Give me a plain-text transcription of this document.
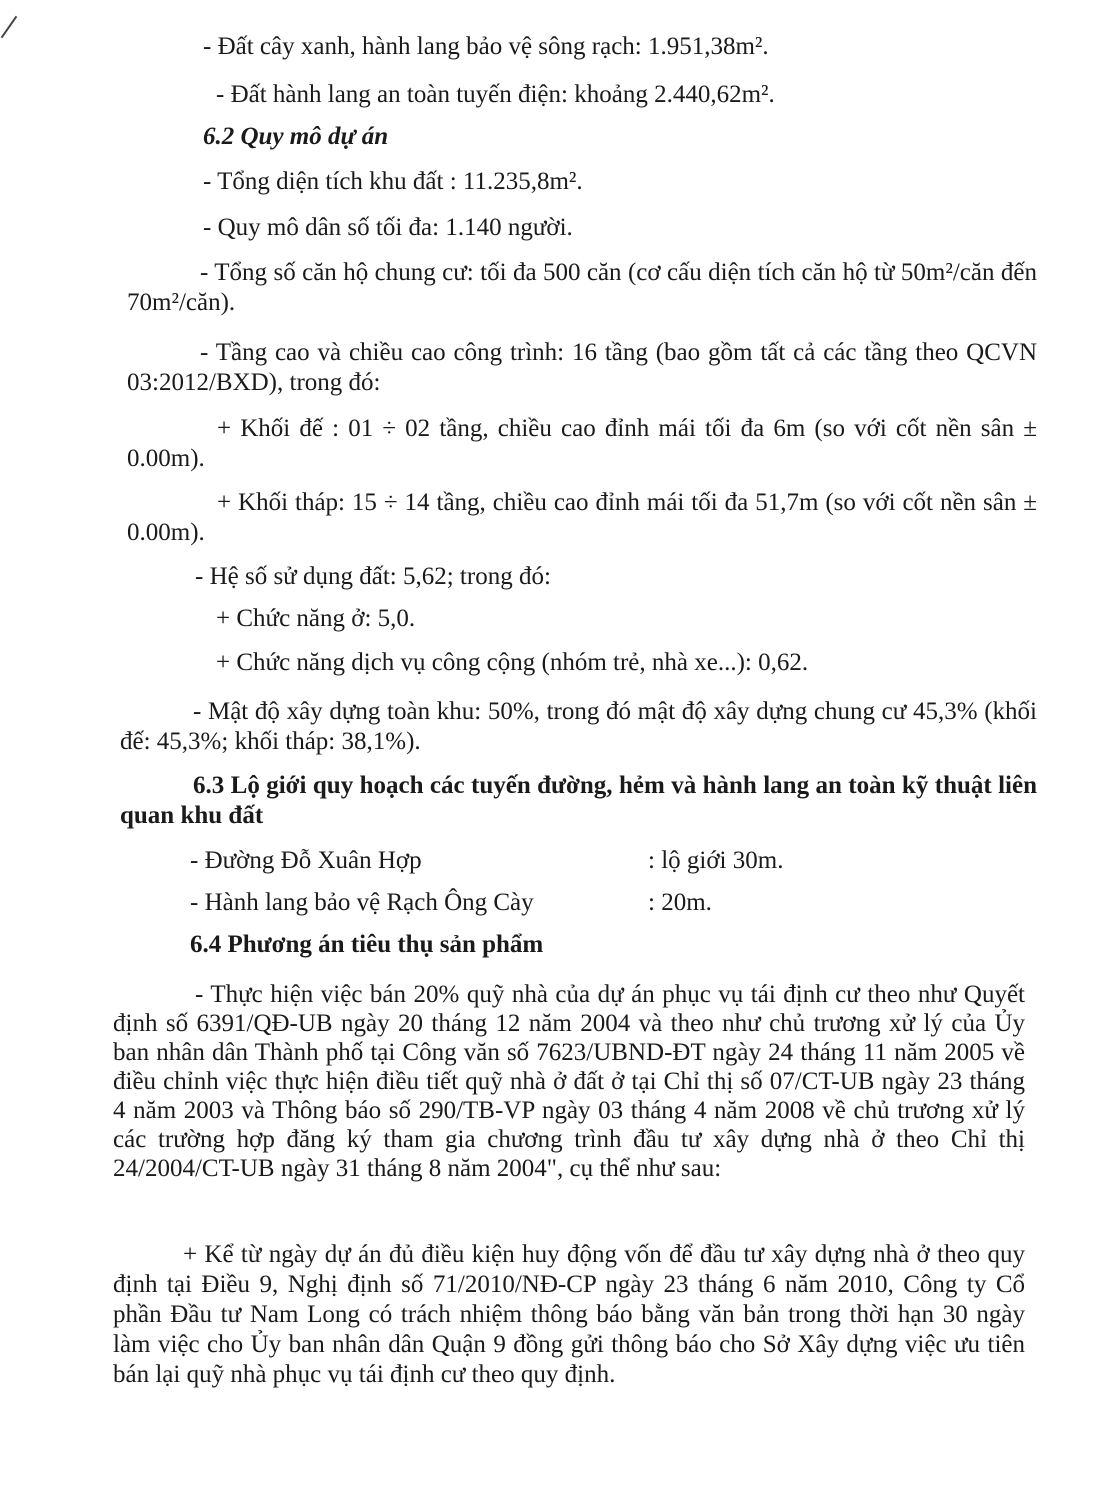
- Đất cây xanh, hành lang bảo vệ sông rạch: 1.951,38m².
- Đất hành lang an toàn tuyến điện: khoảng 2.440,62m².
6.2 Quy mô dự án
- Tổng diện tích khu đất : 11.235,8m².
- Quy mô dân số tối đa: 1.140 người.
- Tổng số căn hộ chung cư: tối đa 500 căn (cơ cấu diện tích căn hộ từ 50m²/căn đến 70m²/căn).
- Tầng cao và chiều cao công trình: 16 tầng (bao gồm tất cả các tầng theo QCVN 03:2012/BXD), trong đó:
+ Khối đế : 01 ÷ 02 tầng, chiều cao đỉnh mái tối đa 6m (so với cốt nền sân ± 0.00m).
+ Khối tháp: 15 ÷ 14 tầng, chiều cao đỉnh mái tối đa 51,7m (so với cốt nền sân ± 0.00m).
- Hệ số sử dụng đất: 5,62; trong đó:
+ Chức năng ở: 5,0.
+ Chức năng dịch vụ công cộng (nhóm trẻ, nhà xe...): 0,62.
- Mật độ xây dựng toàn khu: 50%, trong đó mật độ xây dựng chung cư 45,3% (khối đế: 45,3%; khối tháp: 38,1%).
6.3 Lộ giới quy hoạch các tuyến đường, hẻm và hành lang an toàn kỹ thuật liên quan khu đất
- Đường Đỗ Xuân Hợp	: lộ giới 30m.
- Hành lang bảo vệ Rạch Ông Cày	: 20m.
6.4 Phương án tiêu thụ sản phẩm
- Thực hiện việc bán 20% quỹ nhà của dự án phục vụ tái định cư theo như Quyết định số 6391/QĐ-UB ngày 20 tháng 12 năm 2004 và theo như chủ trương xử lý của Ủy ban nhân dân Thành phố tại Công văn số 7623/UBND-ĐT ngày 24 tháng 11 năm 2005 về điều chỉnh việc thực hiện điều tiết quỹ nhà ở đất ở tại Chỉ thị số 07/CT-UB ngày 23 tháng 4 năm 2003 và Thông báo số 290/TB-VP ngày 03 tháng 4 năm 2008 về chủ trương xử lý các trường hợp đăng ký tham gia chương trình đầu tư xây dựng nhà ở theo Chỉ thị 24/2004/CT-UB ngày 31 tháng 8 năm 2004", cụ thể như sau:
+ Kể từ ngày dự án đủ điều kiện huy động vốn để đầu tư xây dựng nhà ở theo quy định tại Điều 9, Nghị định số 71/2010/NĐ-CP ngày 23 tháng 6 năm 2010, Công ty Cổ phần Đầu tư Nam Long có trách nhiệm thông báo bằng văn bản trong thời hạn 30 ngày làm việc cho Ủy ban nhân dân Quận 9 đồng gửi thông báo cho Sở Xây dựng việc ưu tiên bán lại quỹ nhà phục vụ tái định cư theo quy định.
